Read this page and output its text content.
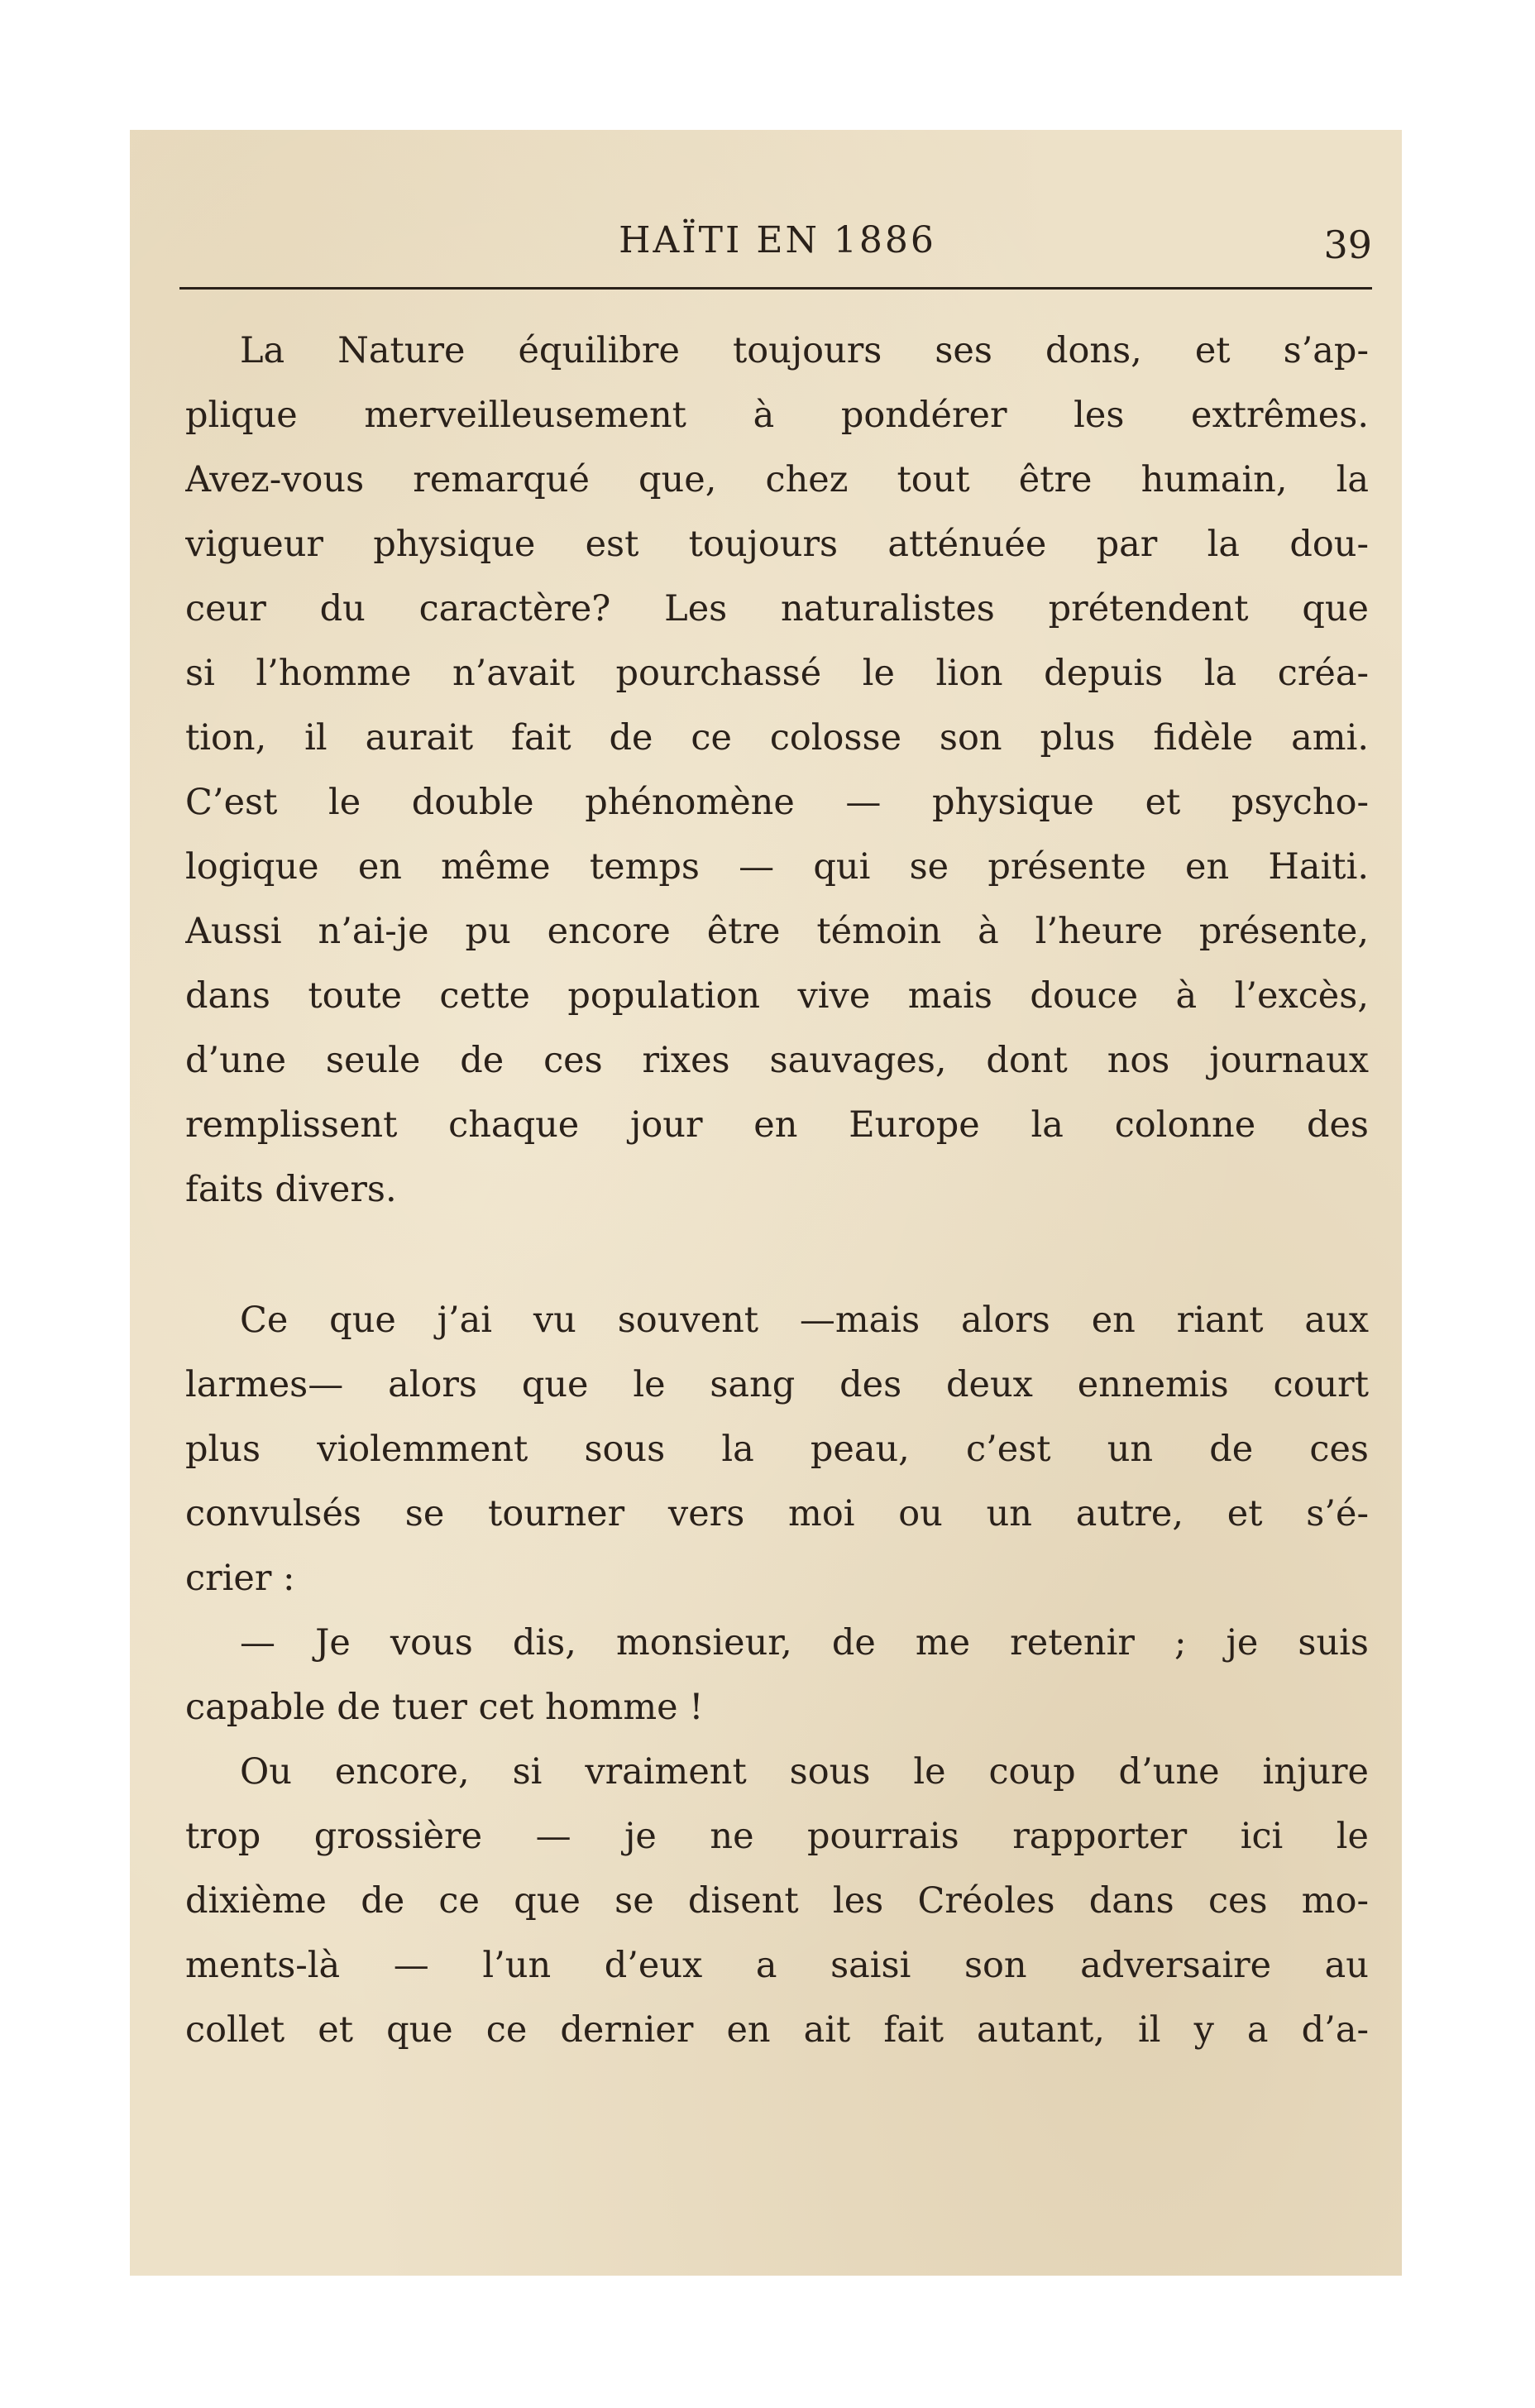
HAÏTI EN 1886	39
La Nature équilibre toujours ses dons, et s’ap-
plique merveilleusement à pondérer les extrêmes.
Avez-vous remarqué que, chez tout être humain, la
vigueur physique est toujours atténuée par la dou-
ceur du caractère? Les naturalistes prétendent que
si l’homme n’avait pourchassé le lion depuis la créa-
tion, il aurait fait de ce colosse son plus fidèle ami.
C’est le double phénomène — physique et psycho-
logique en même temps — qui se présente en Haiti.
Aussi n’ai-je pu encore être témoin à l’heure présente,
dans toute cette population vive mais douce à l’excès,
d’une seule de ces rixes sauvages, dont nos journaux
remplissent chaque jour en Europe la colonne des
faits divers.
Ce que j’ai vu souvent —mais alors en riant aux
larmes— alors que le sang des deux ennemis court
plus violemment sous la peau, c’est un de ces
convulsés se tourner vers moi ou un autre, et s’é-
crier :
— Je vous dis, monsieur, de me retenir ; je suis
capable de tuer cet homme !
Ou encore, si vraiment sous le coup d’une injure
trop grossière — je ne pourrais rapporter ici le
dixième de ce que se disent les Créoles dans ces mo-
ments-là — l’un d’eux a saisi son adversaire au
collet et que ce dernier en ait fait autant, il y a d’a-
